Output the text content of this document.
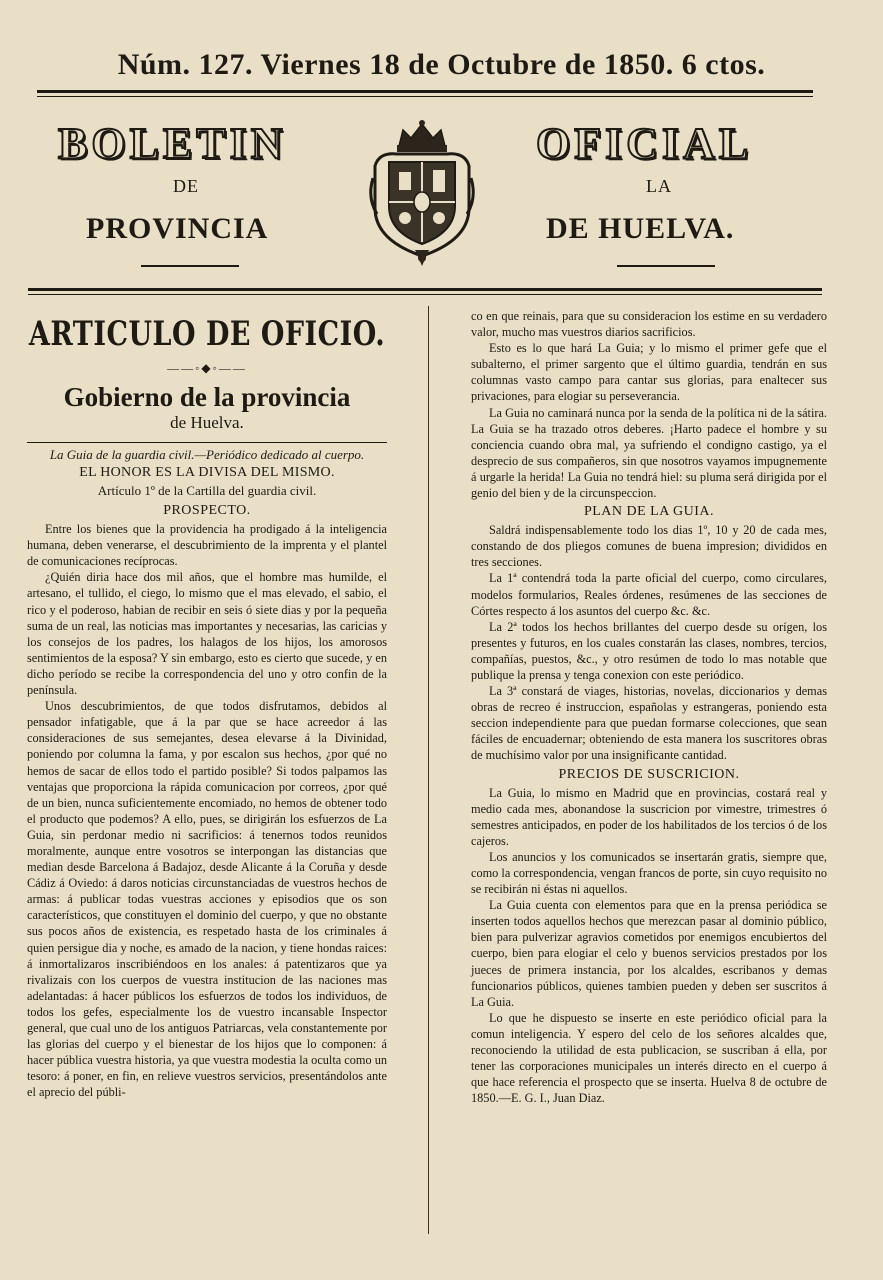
Núm. 127. Viernes 18 de Octubre de 1850. 6 ctos.
BOLETIN	OFICIAL
DE	LA
PROVINCIA	DE HUELVA.
ARTICULO DE OFICIO.
——◦◆◦——
Gobierno de la provincia
de Huelva.
La Guia de la guardia civil.—Periódico dedicado al cuerpo.
EL HONOR ES LA DIVISA DEL MISMO.
Artículo 1º de la Cartilla del guardia civil.
PROSPECTO.

Entre los bienes que la providencia ha prodigado á la inteligencia humana, deben venerarse, el descubrimiento de la imprenta y el plantel de comunicaciones recíprocas.

¿Quién diria hace dos mil años, que el hombre mas humilde, el artesano, el tullido, el ciego, lo mismo que el mas elevado, el sabio, el rico y el poderoso, habian de recibir en seis ó siete dias y por la pequeña suma de un real, las noticias mas importantes y necesarias, las caricias y los consejos de los padres, los halagos de los hijos, los amorosos sentimientos de la esposa? Y sin embargo, esto es cierto que sucede, y en dicho período se recibe la correspondencia del uno y otro confin de la península.

Unos descubrimientos, de que todos disfrutamos, debidos al pensador infatigable, que á la par que se hace acreedor á las consideraciones de sus semejantes, desea elevarse á la Divinidad, poniendo por columna la fama, y por escalon sus hechos, ¿por qué no hemos de sacar de ellos todo el partido posible? Si todos palpamos las ventajas que proporciona la rápida comunicacion por correos, ¿por qué de un bien, nunca suficientemente encomiado, no hemos de obtener todo el producto que podemos? A ello, pues, se dirigirán los esfuerzos de La Guia, sin perdonar medio ni sacrificios: á tenernos todos reunidos moralmente, aunque entre vosotros se interpongan las distancias que median desde Barcelona á Badajoz, desde Alicante á la Coruña y desde Cádiz á Oviedo: á daros noticias circunstanciadas de vuestros hechos de armas: á publicar todas vuestras acciones y episodios que os son característicos, que constituyen el dominio del cuerpo, y que no obstante sus pocos años de existencia, es respetado hasta de los criminales á quien persigue dia y noche, es amado de la nacion, y tiene hondas raices: á inmortalizaros inscribiéndoos en los anales: á patentizaros que ya rivalizais con los cuerpos de vuestra institucion de las naciones mas adelantadas: á hacer públicos los esfuerzos de todos los individuos, de todos los gefes, especialmente los de vuestro incansable Inspector general, que cual uno de los antiguos Patriarcas, vela constantemente por las glorias del cuerpo y el bienestar de los hijos que lo componen: á hacer pública vuestra historia, ya que vuestra modestia la oculta como un tesoro: á poner, en fin, en relieve vuestros servicios, presentándolos ante el aprecio del públi-

co en que reinais, para que su consideracion los estime en su verdadero valor, mucho mas vuestros diarios sacrificios.

Esto es lo que hará La Guia; y lo mismo el primer gefe que el subalterno, el primer sargento que el último guardia, tendrán en sus columnas vasto campo para cantar sus glorias, para enaltecer sus privaciones, para elogiar su perseverancia.

La Guia no caminará nunca por la senda de la política ni de la sátira. La Guia se ha trazado otros deberes. ¡Harto padece el hombre y su conciencia cuando obra mal, ya sufriendo el condigno castigo, ya el desprecio de sus compañeros, sin que nosotros vayamos impugnemente á urgarle la herida! La Guia no tendrá hiel: su pluma será dirigida por el genio del bien y de la circunspeccion.

PLAN DE LA GUIA.

Saldrá indispensablemente todo los dias 1º, 10 y 20 de cada mes, constando de dos pliegos comunes de buena impresion; divididos en tres secciones.

La 1ª contendrá toda la parte oficial del cuerpo, como circulares, modelos formularios, Reales órdenes, resúmenes de las secciones de Córtes respecto á los asuntos del cuerpo &c. &c.

La 2ª todos los hechos brillantes del cuerpo desde su orígen, los presentes y futuros, en los cuales constarán las clases, nombres, tercios, compañías, puestos, &c., y otro resúmen de todo lo mas notable que publique la prensa y tenga conexion con este periódico.

La 3ª constará de viages, historias, novelas, diccionarios y demas obras de recreo é instruccion, españolas y estrangeras, poniendo esta seccion independiente para que puedan formarse colecciones, que sean fáciles de encuadernar; obteniendo de esta manera los suscritores obras de muchísimo valor por una insignificante cantidad.

PRECIOS DE SUSCRICION.

La Guia, lo mismo en Madrid que en provincias, costará real y medio cada mes, abonandose la suscricion por vimestre, trimestres ó semestres anticipados, en poder de los habilitados de los tercios ó de los cajeros.

Los anuncios y los comunicados se insertarán gratis, siempre que, como la correspondencia, vengan francos de porte, sin cuyo requisito no se recibirán ni éstas ni aquellos.

La Guia cuenta con elementos para que en la prensa periódica se inserten todos aquellos hechos que merezcan pasar al dominio público, bien para pulverizar agravios cometidos por enemigos encubiertos del cuerpo, bien para elogiar el celo y buenos servicios prestados por los jueces de primera instancia, por los alcaldes, escribanos y demas funcionarios públicos, quienes tambien pueden y deben ser suscritos á La Guia.

Lo que he dispuesto se inserte en este periódico oficial para la comun inteligencia. Y espero del celo de los señores alcaldes que, reconociendo la utilidad de esta publicacion, se suscriban á ella, por tener las corporaciones municipales un interés directo en el cuerpo á que hace referencia el prospecto que se inserta. Huelva 8 de octubre de 1850.—E. G. I., Juan Diaz.
